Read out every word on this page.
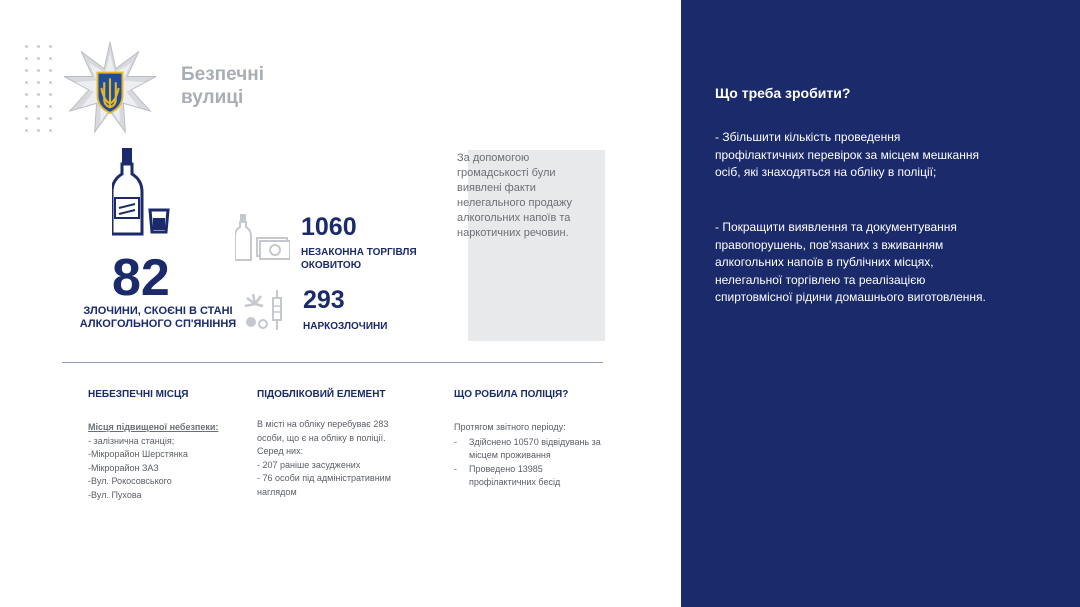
Безпечні
вулиці
82
ЗЛОЧИНИ, СКОЄНІ В СТАНІ АЛКОГОЛЬНОГО СП'ЯНІННЯ
1060
НЕЗАКОННА ТОРГІВЛЯ
ОКОВИТОЮ
293
НАРКОЗЛОЧИНИ
За допомогою громадськості були виявлені факти нелегального продажу алкогольних напоїв та наркотичних речовин.
НЕБЕЗПЕЧНІ МІСЦЯ
Місця підвищеної небезпеки:
- залізнична станція;
-Мікрорайон Шерстянка
-Мікрорайон ЗАЗ
-Вул. Рокосовського
-Вул. Пухова
ПІДОБЛІКОВИЙ ЕЛЕМЕНТ
В місті на обліку перебуває 283
особи, що є на обліку в поліції.
Серед них:
- 207 раніше засуджених
- 76 особи під адміністративним
наглядом
ЩО РОБИЛА ПОЛІЦІЯ?
Протягом звітного періоду:
- Здійснено 10570 відвідувань за
місцем проживання
- Проведено 13985
профілактичних бесід
Що треба зробити?
- Збільшити кількість проведення профілактичних перевірок за місцем мешкання осіб, які знаходяться на обліку в поліції;
- Покращити виявлення та документування правопорушень, пов'язаних з вживанням алкогольних напоїв в публічних місцях, нелегальної торгівлею та реалізацією спиртовмісної рідини домашнього виготовлення.
